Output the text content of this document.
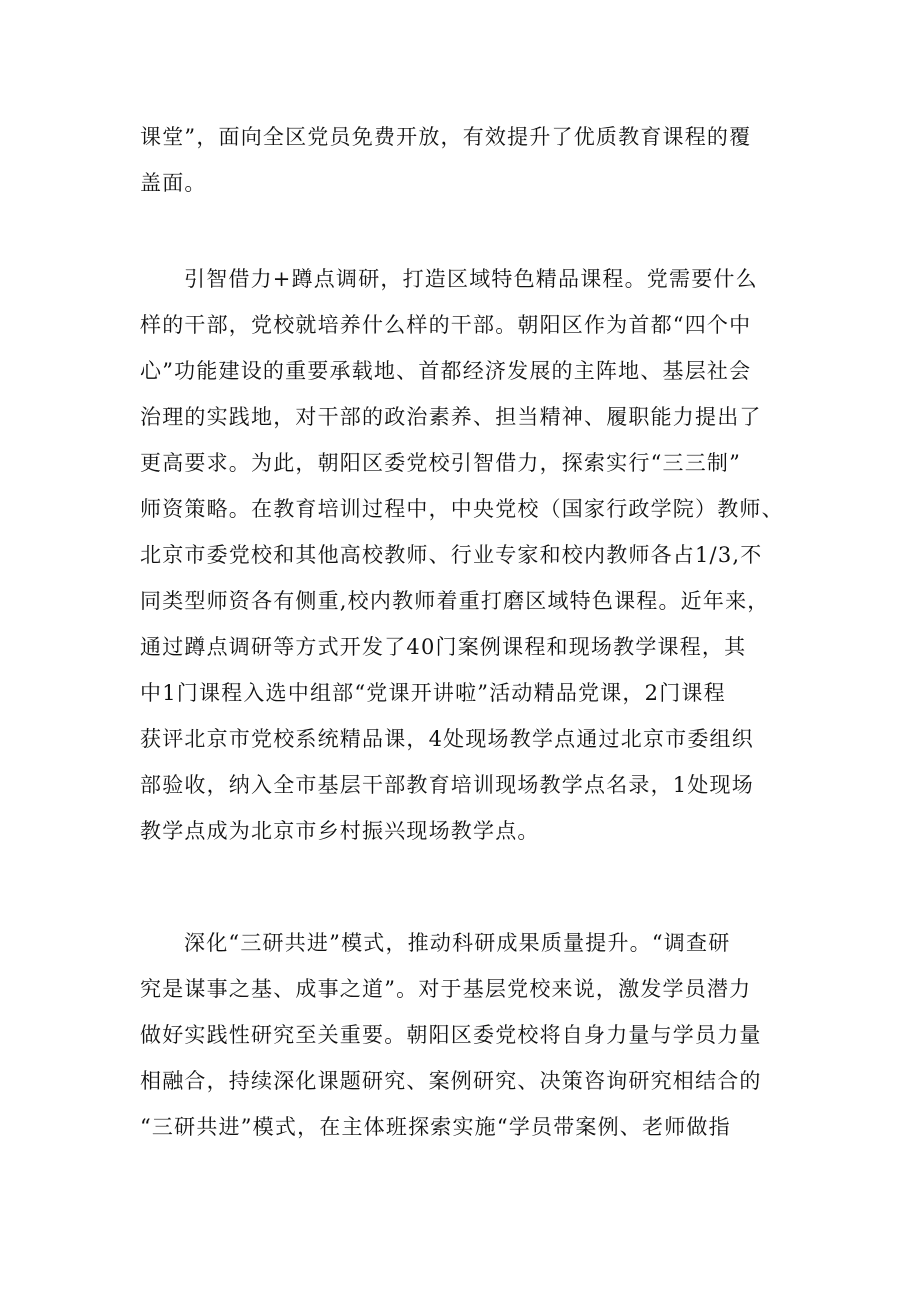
课堂”，面向全区党员免费开放，有效提升了优质教育课程的覆
盖面。
引智借力+蹲点调研，打造区域特色精品课程。党需要什么
样的干部，党校就培养什么样的干部。朝阳区作为首都“四个中
心”功能建设的重要承载地、首都经济发展的主阵地、基层社会
治理的实践地，对干部的政治素养、担当精神、履职能力提出了
更高要求。为此，朝阳区委党校引智借力，探索实行“三三制”
师资策略。在教育培训过程中，中央党校（国家行政学院）教师、
北京市委党校和其他高校教师、行业专家和校内教师各占1/3,不
同类型师资各有侧重,校内教师着重打磨区域特色课程。近年来，
通过蹲点调研等方式开发了40门案例课程和现场教学课程，其
中1门课程入选中组部“党课开讲啦”活动精品党课，2门课程
获评北京市党校系统精品课，4处现场教学点通过北京市委组织
部验收，纳入全市基层干部教育培训现场教学点名录，1处现场
教学点成为北京市乡村振兴现场教学点。
深化“三研共进”模式，推动科研成果质量提升。“调查研
究是谋事之基、成事之道”。对于基层党校来说，激发学员潜力
做好实践性研究至关重要。朝阳区委党校将自身力量与学员力量
相融合，持续深化课题研究、案例研究、决策咨询研究相结合的
“三研共进”模式，在主体班探索实施“学员带案例、老师做指
